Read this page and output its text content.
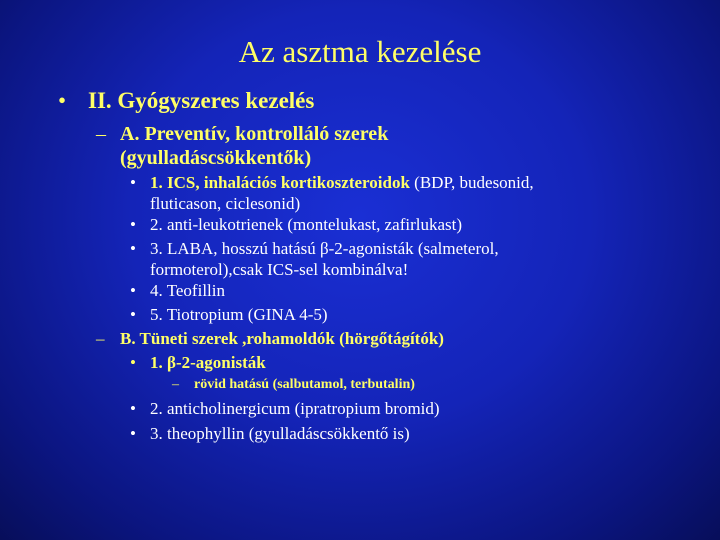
Az asztma kezelése
• II. Gyógyszeres kezelés
– A. Preventív, kontrolláló szerek
(gyulladáscsökkentők)
• 1. ICS, inhalációs kortikoszteroidok (BDP, budesonid,
fluticason, ciclesonid)
• 2. anti-leukotrienek (montelukast, zafirlukast)
• 3. LABA, hosszú hatású β-2-agonisták (salmeterol,
formoterol),csak ICS-sel kombinálva!
• 4. Teofillin
• 5. Tiotropium (GINA 4-5)
– B. Tüneti szerek ,rohamoldók (hörgőtágítók)
• 1. β-2-agonisták
–	rövid hatású (salbutamol, terbutalin)
• 2. anticholinergicum (ipratropium bromid)
• 3. theophyllin (gyulladáscsökkentő is)
